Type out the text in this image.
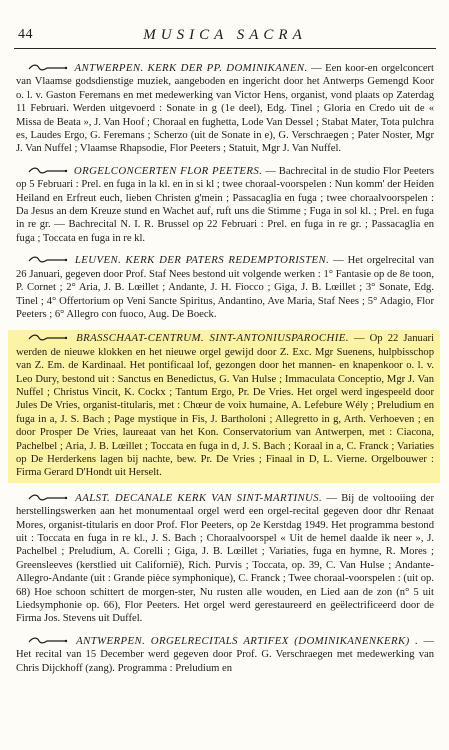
44	MUSICA SACRA

ANTWERPEN. KERK DER PP. DOMINIKANEN. — Een koor-en orgelconcert van Vlaamse godsdienstige muziek, aangeboden en ingericht door het Antwerps Gemengd Koor o. l. v. Gaston Feremans en met medewerking van Victor Hens, organist, vond plaats op Zaterdag 11 Februari. Werden uitgevoerd : Sonate in g (1e deel), Edg. Tinel ; Gloria en Credo uit de « Missa de Beata », J. Van Hoof ; Choraal en fughetta, Lode Van Dessel ; Stabat Mater, Tota pulchra es, Laudes Ergo, G. Feremans ; Scherzo (uit de Sonate in e), G. Verschraegen ; Pater Noster, Mgr J. Van Nuffel ; Vlaamse Rhapsodie, Flor Peeters ; Statuit, Mgr J. Van Nuffel.

ORGELCONCERTEN FLOR PEETERS. — Bachrecital in de studio Flor Peeters op 5 Februari : Prel. en fuga in la kl. en in si kl ; twee choraal-voorspelen : Nun komm' der Heiden Heiland en Erfreut euch, lieben Christen g'mein ; Passacaglia en fuga ; twee choraalvoorspelen : Da Jesus an dem Kreuze stund en Wachet auf, ruft uns die Stimme ; Fuga in sol kl. ; Prel. en fuga in re gr. — Bachrecital N. I. R. Brussel op 22 Februari : Prel. en fuga in re gr. ; Passacaglia en fuga ; Toccata en fuga in re kl.

LEUVEN. KERK DER PATERS REDEMPTORISTEN. — Het orgelrecital van 26 Januari, gegeven door Prof. Staf Nees bestond uit volgende werken : 1° Fantasie op de 8e toon, P. Cornet ; 2° Aria, J. B. Lœillet ; Andante, J. H. Fiocco ; Giga, J. B. Lœillet ; 3° Sonate, Edg. Tinel ; 4° Offertorium op Veni Sancte Spiritus, Andantino, Ave Maria, Staf Nees ; 5° Adagio, Flor Peeters ; 6° Allegro con fuoco, Aug. De Boeck.

BRASSCHAAT-CENTRUM. SINT-ANTONIUSPAROCHIE. — Op 22 Januari werden de nieuwe klokken en het nieuwe orgel gewijd door Z. Exc. Mgr Suenens, hulpbisschop van Z. Em. de Kardinaal. Het pontificaal lof, gezongen door het mannen- en knapenkoor o. l. v. Leo Dury, bestond uit : Sanctus en Benedictus, G. Van Hulse ; Immaculata Conceptio, Mgr J. Van Nuffel ; Christus Vincit, K. Cockx ; Tantum Ergo, Pr. De Vries. Het orgel werd ingespeeld door Jules De Vries, organist-titularis, met : Chœur de voix humaine, A. Lefebure Wély ; Preludium en fuga in a, J. S. Bach ; Page mystique in Fis, J. Bartholoni ; Allegretto in g, Arth. Verhoeven ; en door Prosper De Vries, laureaat van het Kon. Conservatorium van Antwerpen, met : Ciacona, Pachelbel ; Aria, J. B. Lœillet ; Toccata en fuga in d, J. S. Bach ; Koraal in a, C. Franck ; Variaties op De Herderkens lagen bij nachte, bew. Pr. De Vries ; Finaal in D, L. Vierne. Orgelbouwer : Firma Gerard D'Hondt uit Herselt.

AALST. DECANALE KERK VAN SINT-MARTINUS. — Bij de voltooiing der herstellingswerken aan het monumentaal orgel werd een orgel-recital gegeven door dhr Renaat Mores, organist-titularis en door Prof. Flor Peeters, op 2e Kerstdag 1949. Het programma bestond uit : Toccata en fuga in re kl., J. S. Bach ; Choraalvoorspel « Uit de hemel daalde ik neer », J. Pachelbel ; Preludium, A. Corelli ; Giga, J. B. Lœillet ; Variaties, fuga en hymne, R. Mores ; Greensleeves (kerstlied uit Californië), Rich. Purvis ; Toccata, op. 39, C. Van Hulse ; Andante-Allegro-Andante (uit : Grande pièce symphonique), C. Franck ; Twee choraal-voorspelen : (uit op. 68) Hoe schoon schittert de morgen-ster, Nu rusten alle wouden, en Lied aan de zon (n° 5 uit Liedsymphonie op. 66), Flor Peeters. Het orgel werd gerestaureerd en geëlectrificeerd door de Firma Jos. Stevens uit Duffel.

ANTWERPEN. ORGELRECITALS ARTIFEX (DOMINIKANENKERK) . — Het recital van 15 December werd gegeven door Prof. G. Verschraegen met medewerking van Chris Dijckhoff (zang). Programma : Preludium en
